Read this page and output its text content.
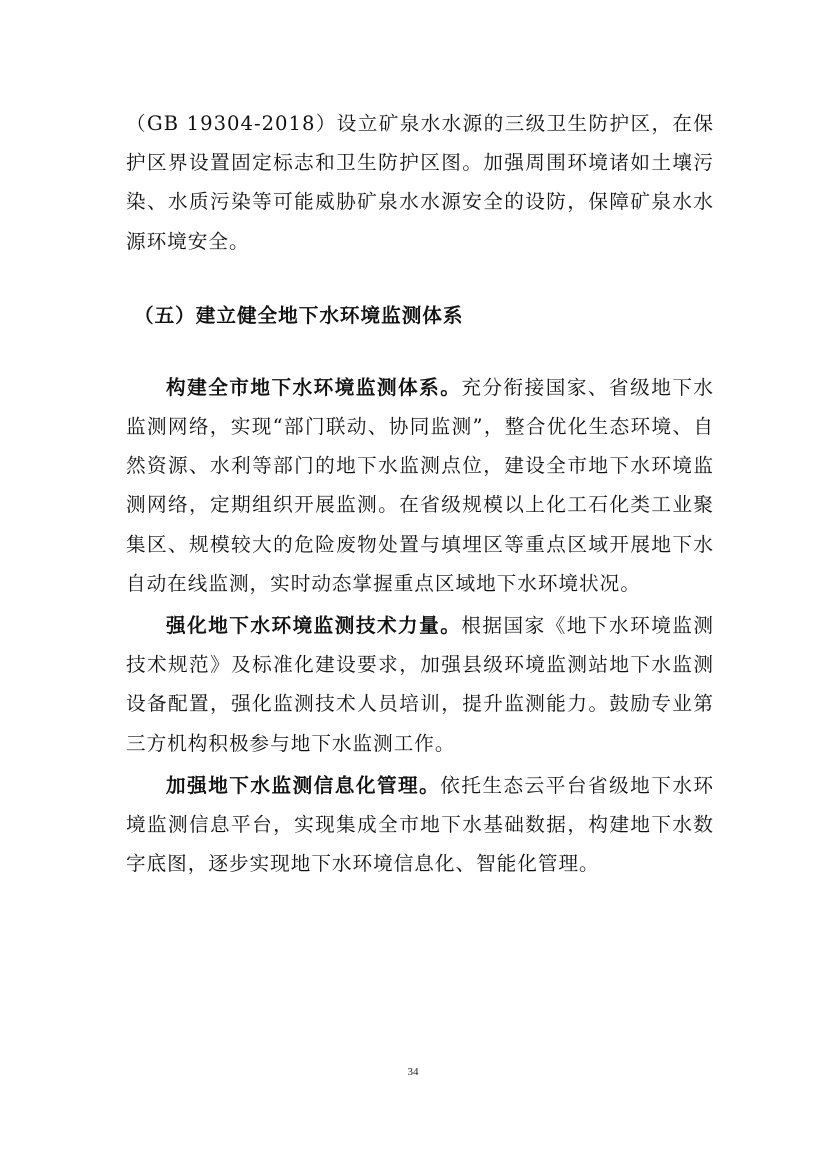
（GB 19304-2018）设立矿泉水水源的三级卫生防护区，在保护区界设置固定标志和卫生防护区图。加强周围环境诸如土壤污染、水质污染等可能威胁矿泉水水源安全的设防，保障矿泉水水源环境安全。

（五）建立健全地下水环境监测体系

构建全市地下水环境监测体系。充分衔接国家、省级地下水监测网络，实现“部门联动、协同监测”，整合优化生态环境、自然资源、水利等部门的地下水监测点位，建设全市地下水环境监测网络，定期组织开展监测。在省级规模以上化工石化类工业聚集区、规模较大的危险废物处置与填埋区等重点区域开展地下水自动在线监测，实时动态掌握重点区域地下水环境状况。

强化地下水环境监测技术力量。根据国家《地下水环境监测技术规范》及标准化建设要求，加强县级环境监测站地下水监测设备配置，强化监测技术人员培训，提升监测能力。鼓励专业第三方机构积极参与地下水监测工作。

加强地下水监测信息化管理。依托生态云平台省级地下水环境监测信息平台，实现集成全市地下水基础数据，构建地下水数字底图，逐步实现地下水环境信息化、智能化管理。

34
